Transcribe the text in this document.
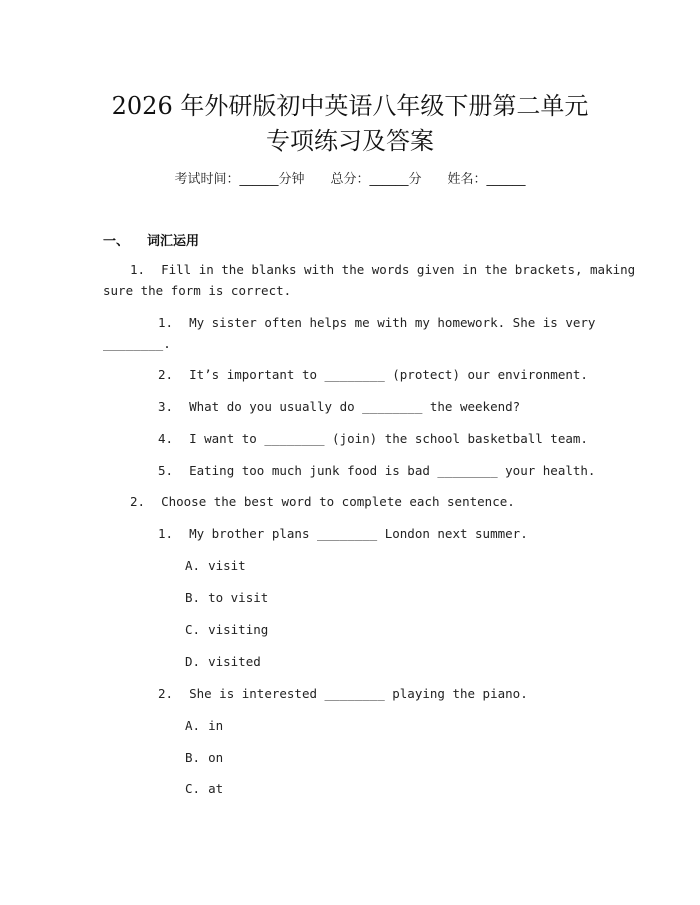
2026 年外研版初中英语八年级下册第二单元
专项练习及答案
考试时间：______分钟 总分：______分 姓名：______
一、 词汇运用
1. Fill in the blanks with the words given in the brackets, making
sure the form is correct.
1. My sister often helps me with my homework. She is very
________.
2. It’s important to ________ (protect) our environment.
3. What do you usually do ________ the weekend?
4. I want to ________ (join) the school basketball team.
5. Eating too much junk food is bad ________ your health.
2. Choose the best word to complete each sentence.
1. My brother plans ________ London next summer.
A. visit
B. to visit
C. visiting
D. visited
2. She is interested ________ playing the piano.
A. in
B. on
C. at
